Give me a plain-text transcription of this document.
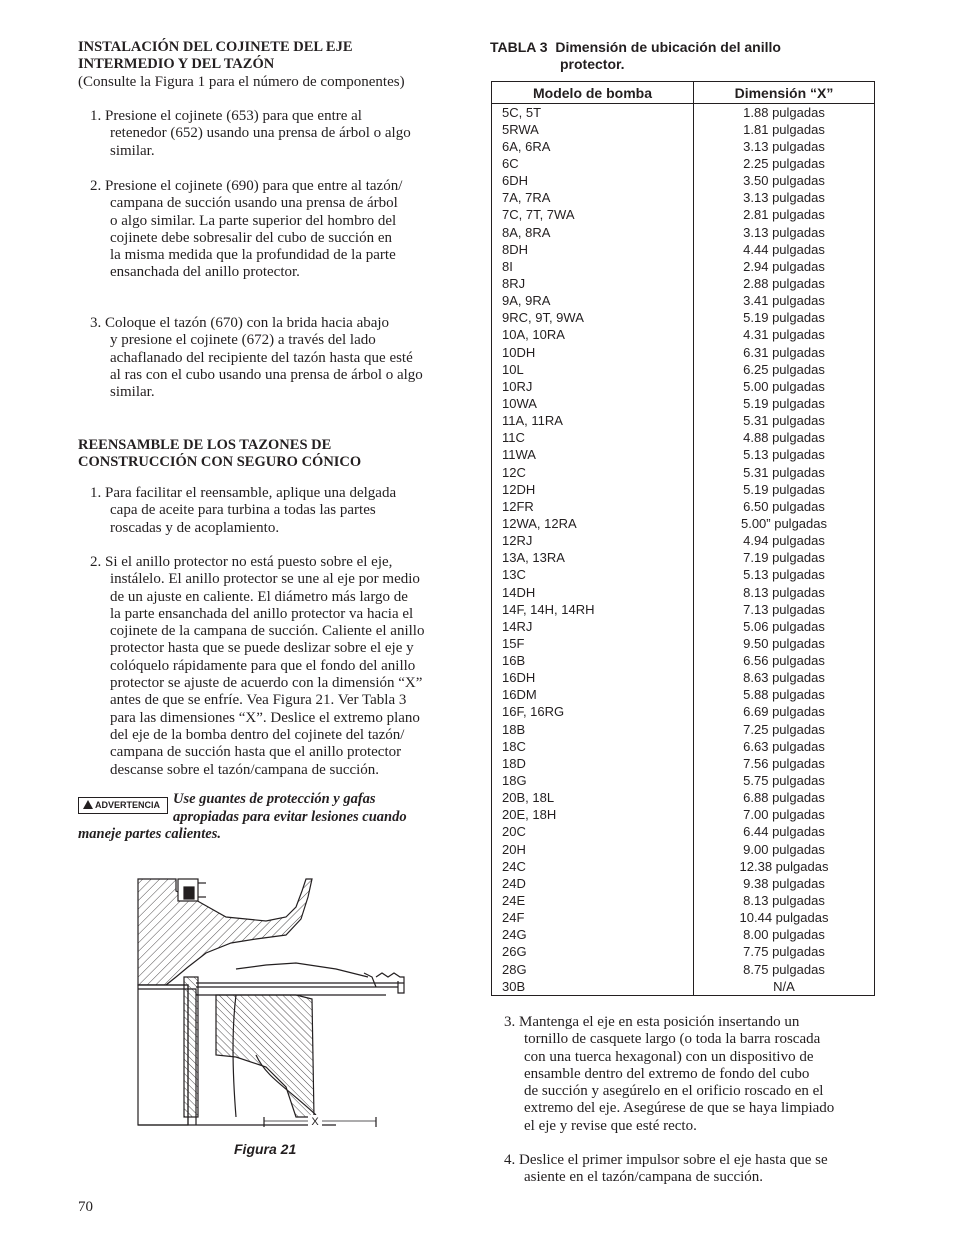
INSTALACIÓN DEL COJINETE DEL EJE
INTERMEDIO Y DEL TAZÓN
(Consulte la Figura 1 para el número de componentes)
1. Presione el cojinete (653) para que entre al
retenedor (652) usando una prensa de árbol o algo
similar.
2. Presione el cojinete (690) para que entre al tazón/
campana de succión usando una prensa de árbol
o algo similar. La parte superior del hombro del
cojinete debe sobresalir del cubo de succión en
la misma medida que la profundidad de la parte
ensanchada del anillo protector.
3. Coloque el tazón (670) con la brida hacia abajo
y presione el cojinete (672) a través del lado
achaflanado del recipiente del tazón hasta que esté
al ras con el cubo usando una prensa de árbol o algo
similar.
REENSAMBLE DE LOS TAZONES DE
CONSTRUCCIÓN CON SEGURO CÓNICO
1. Para facilitar el reensamble, aplique una delgada
capa de aceite para turbina a todas las partes
roscadas y de acoplamiento.
2. Si el anillo protector no está puesto sobre el eje,
instálelo. El anillo protector se une al eje por medio
de un ajuste en caliente. El diámetro más largo de
la parte ensanchada del anillo protector va hacia el
cojinete de la campana de succión. Caliente el anillo
protector hasta que se puede deslizar sobre el eje y
colóquelo rápidamente para que el fondo del anillo
protector se ajuste de acuerdo con la dimensión “X”
antes de que se enfríe. Vea Figura 21. Ver Tabla 3
para las dimensiones “X”. Deslice el extremo plano
del eje de la bomba dentro del cojinete del tazón/
campana de succión hasta que el anillo protector
descanse sobre el tazón/campana de succión.
ADVERTENCIA Use guantes de protección y gafas
apropiadas para evitar lesiones cuando
maneje partes calientes.
X
Figura 21
3. Mantenga el eje en esta posición insertando un
tornillo de casquete largo (o toda la barra roscada
con una tuerca hexagonal) con un dispositivo de
ensamble dentro del extremo de fondo del cubo
de succión y asegúrelo en el orificio roscado en el
extremo del eje. Asegúrese de que se haya limpiado
el eje y revise que esté recto.
4. Deslice el primer impulsor sobre el eje hasta que se
asiente en el tazón/campana de succión.
TABLA 3 Dimensión de ubicación del anillo
protector.
Modelo de bomba	Dimensión “X”
5C, 5T	1.88 pulgadas
5RWA	1.81 pulgadas
6A, 6RA	3.13 pulgadas
6C	2.25 pulgadas
6DH	3.50 pulgadas
7A, 7RA	3.13 pulgadas
7C, 7T, 7WA	2.81 pulgadas
8A, 8RA	3.13 pulgadas
8DH	4.44 pulgadas
8I	2.94 pulgadas
8RJ	2.88 pulgadas
9A, 9RA	3.41 pulgadas
9RC, 9T, 9WA	5.19 pulgadas
10A, 10RA	4.31 pulgadas
10DH	6.31 pulgadas
10L	6.25 pulgadas
10RJ	5.00 pulgadas
10WA	5.19 pulgadas
11A, 11RA	5.31 pulgadas
11C	4.88 pulgadas
11WA	5.13 pulgadas
12C	5.31 pulgadas
12DH	5.19 pulgadas
12FR	6.50 pulgadas
12WA, 12RA	5.00” pulgadas
12RJ	4.94 pulgadas
13A, 13RA	7.19 pulgadas
13C	5.13 pulgadas
14DH	8.13 pulgadas
14F, 14H, 14RH	7.13 pulgadas
14RJ	5.06 pulgadas
15F	9.50 pulgadas
16B	6.56 pulgadas
16DH	8.63 pulgadas
16DM	5.88 pulgadas
16F, 16RG	6.69 pulgadas
18B	7.25 pulgadas
18C	6.63 pulgadas
18D	7.56 pulgadas
18G	5.75 pulgadas
20B, 18L	6.88 pulgadas
20E, 18H	7.00 pulgadas
20C	6.44 pulgadas
20H	9.00 pulgadas
24C	12.38 pulgadas
24D	9.38 pulgadas
24E	8.13 pulgadas
24F	10.44 pulgadas
24G	8.00 pulgadas
26G	7.75 pulgadas
28G	8.75 pulgadas
30B	N/A
70
